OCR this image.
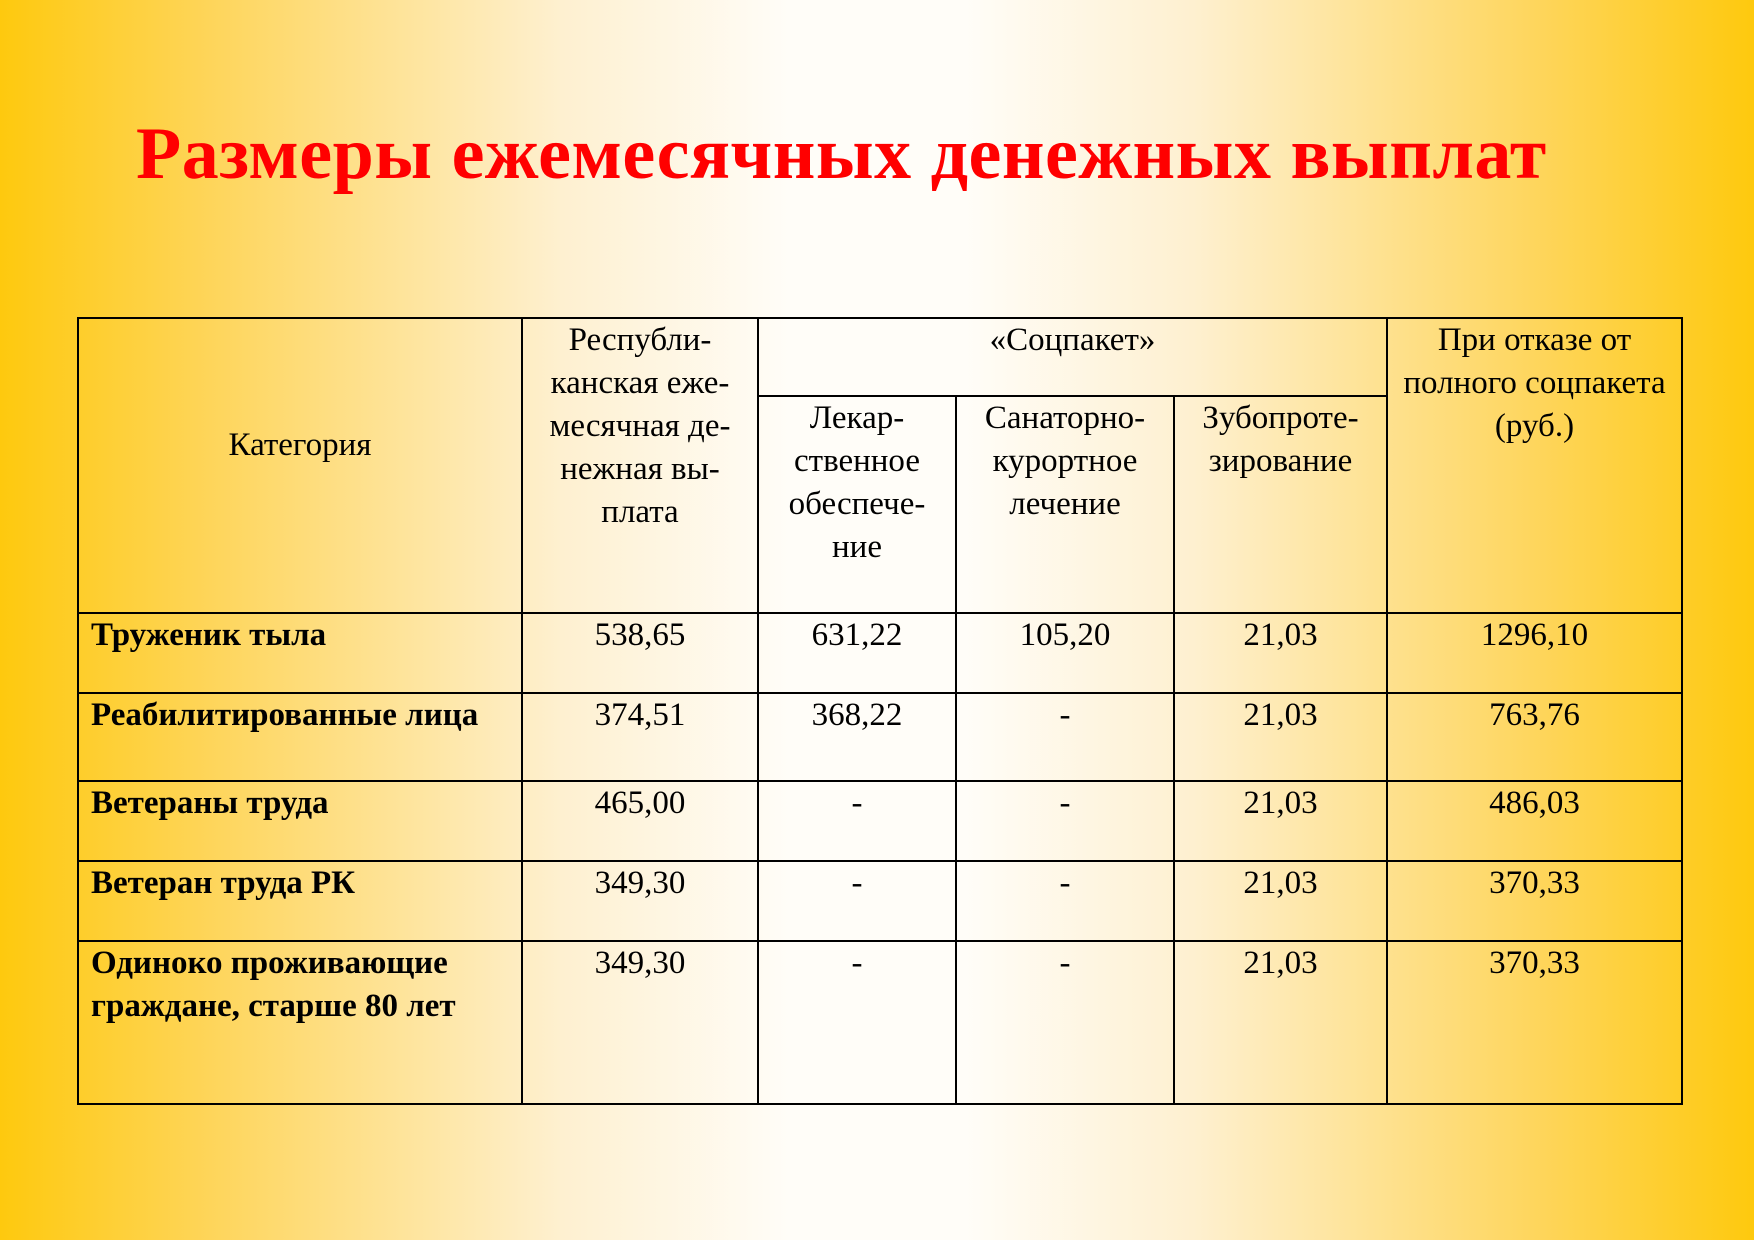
Размеры ежемесячных денежных выплат
Категория	Республи-канская еже-месячная де-нежная вы-плата	«Соцпакет»			При отказе от полного соцпакета (руб.)
		Лекар-ственное обеспече-ние	Санаторно-курортное лечение	Зубопроте-зирование	
Труженик тыла	538,65	631,22	105,20	21,03	1296,10
Реабилитированные лица	374,51	368,22	-	21,03	763,76
Ветераны труда	465,00	-	-	21,03	486,03
Ветеран труда РК	349,30	-	-	21,03	370,33
Одиноко проживающие граждане, старше 80 лет	349,30	-	-	21,03	370,33
